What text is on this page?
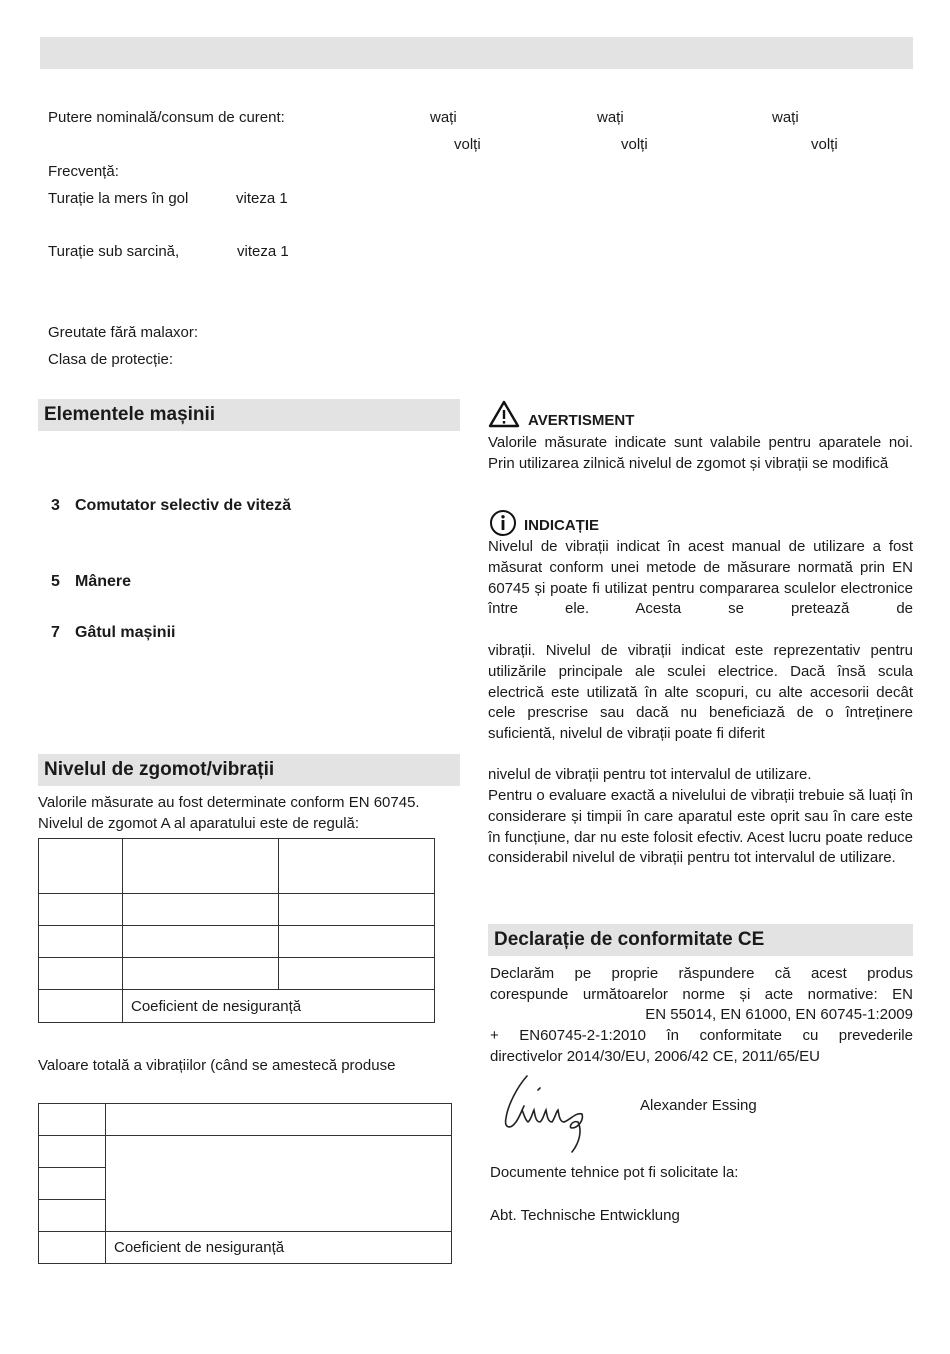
Putere nominală/consum de curent:	wați	wați	wați
volți	volți	volți
Frecvență:
Turație la mers în gol	viteza 1
Turație sub sarcină,	viteza 1
Greutate fără malaxor:
Clasa de protecție:
Elementele mașinii
3 Comutator selectiv de viteză
5 Mânere
7 Gâtul mașinii
Nivelul de zgomot/vibrații
Valorile măsurate au fost determinate conform EN 60745. Nivelul de zgomot A al aparatului este de regulă:

	Coeficient de nesiguranță	
Valoare totală a vibrațiilor (când se amestecă produse

	Coeficient de nesiguranță
AVERTISMENT
Valorile măsurate indicate sunt valabile pentru aparatele noi. Prin utilizarea zilnică nivelul de zgomot și vibrații se modifică
INDICAȚIE
Nivelul de vibrații indicat în acest manual de utilizare a fost măsurat conform unei metode de măsurare normată prin EN 60745 și poate fi utilizat pentru compararea sculelor electronice între ele. Acesta se pretează de
vibrații. Nivelul de vibrații indicat este reprezentativ pentru utilizările principale ale sculei electrice. Dacă însă scula electrică este utilizată în alte scopuri, cu alte accesorii decât cele prescrise sau dacă nu beneficiază de o întreținere suficientă, nivelul de vibrații poate fi diferit
nivelul de vibrații pentru tot intervalul de utilizare.
Pentru o evaluare exactă a nivelului de vibrații trebuie să luați în considerare și timpii în care aparatul este oprit sau în care este în funcțiune, dar nu este folosit efectiv. Acest lucru poate reduce considerabil nivelul de vibrații pentru tot intervalul de utilizare.
Declarație de conformitate CE
Declarăm pe proprie răspundere că acest produs
corespunde următoarelor norme și acte normative: EN
EN 55014, EN 61000, EN 60745-1:2009
+ EN60745-2-1:2010 în conformitate cu prevederile
directivelor 2014/30/EU, 2006/42 CE, 2011/65/EU
Alexander Essing
Documente tehnice pot fi solicitate la:
Abt. Technische Entwicklung
